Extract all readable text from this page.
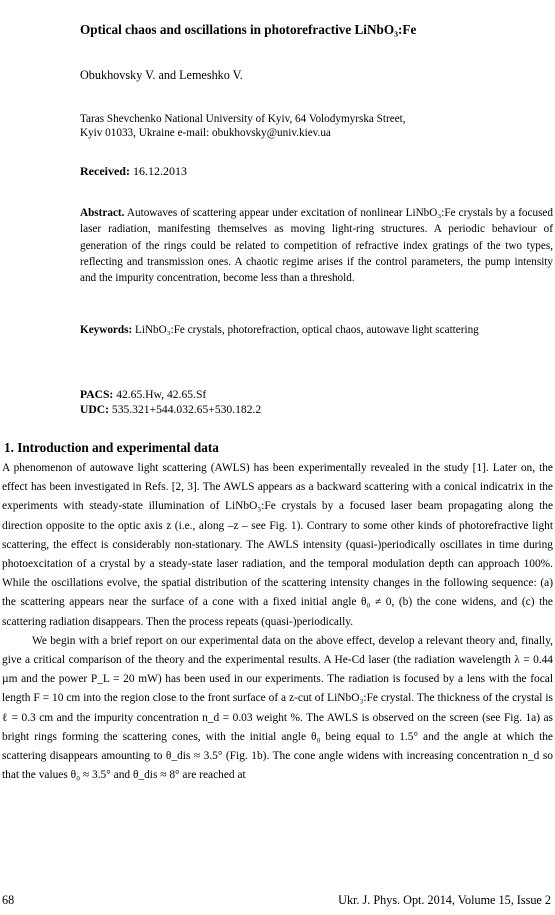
Optical chaos and oscillations in photorefractive LiNbO₃:Fe

Obukhovsky V. and Lemeshko V.

Taras Shevchenko National University of Kyiv, 64 Volodymyrska Street,
Kyiv 01033, Ukraine e-mail: obukhovsky@univ.kiev.ua

Received: 16.12.2013

Abstract. Autowaves of scattering appear under excitation of nonlinear LiNbO₃:Fe crystals by a focused laser radiation, manifesting themselves as moving light-ring structures. A periodic behaviour of generation of the rings could be related to competition of refractive index gratings of the two types, reflecting and transmission ones. A chaotic regime arises if the control parameters, the pump intensity and the impurity concentration, become less than a threshold.

Keywords: LiNbO₃:Fe crystals, photorefraction, optical chaos, autowave light scattering

PACS: 42.65.Hw, 42.65.Sf
UDC: 535.321+544.032.65+530.182.2

1. Introduction and experimental data

A phenomenon of autowave light scattering (AWLS) has been experimentally revealed in the study [1]. Later on, the effect has been investigated in Refs. [2, 3]. The AWLS appears as a backward scattering with a conical indicatrix in the experiments with steady-state illumination of LiNbO₃:Fe crystals by a focused laser beam propagating along the direction opposite to the optic axis z (i.e., along –z – see Fig. 1). Contrary to some other kinds of photorefractive light scattering, the effect is considerably non-stationary. The AWLS intensity (quasi-)periodically oscillates in time during photoexcitation of a crystal by a steady-state laser radiation, and the temporal modulation depth can approach 100%. While the oscillations evolve, the spatial distribution of the scattering intensity changes in the following sequence: (a) the scattering appears near the surface of a cone with a fixed initial angle θ₀ ≠ 0, (b) the cone widens, and (c) the scattering radiation disappears. Then the process repeats (quasi-)periodically.

We begin with a brief report on our experimental data on the above effect, develop a relevant theory and, finally, give a critical comparison of the theory and the experimental results. A He-Cd laser (the radiation wavelength λ = 0.44 µm and the power P_L = 20 mW) has been used in our experiments. The radiation is focused by a lens with the focal length F = 10 cm into the region close to the front surface of a z-cut of LiNbO₃:Fe crystal. The thickness of the crystal is ℓ = 0.3 cm and the impurity concentration n_d = 0.03 weight %. The AWLS is observed on the screen (see Fig. 1a) as bright rings forming the scattering cones, with the initial angle θ₀ being equal to 1.5° and the angle at which the scattering disappears amounting to θ_dis ≈ 3.5° (Fig. 1b). The cone angle widens with increasing concentration n_d so that the values θ₀ ≈ 3.5° and θ_dis ≈ 8° are reached at

68	Ukr. J. Phys. Opt. 2014, Volume 15, Issue 2
